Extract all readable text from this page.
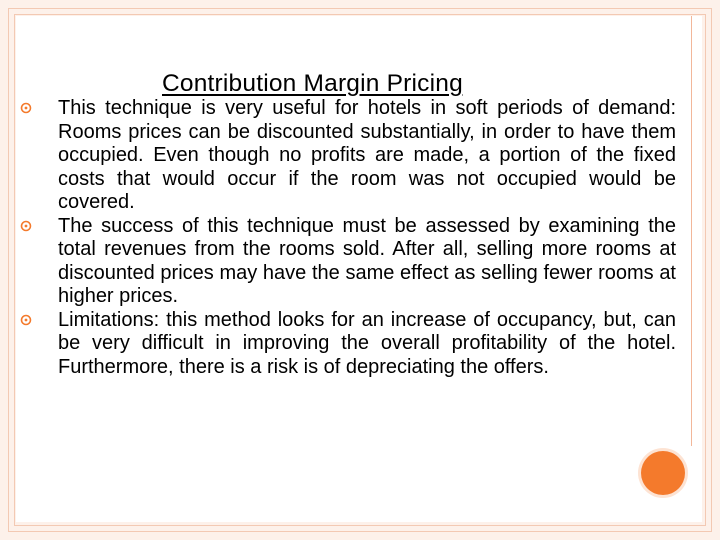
Contribution Margin Pricing
This technique is very useful for hotels in soft periods of demand: Rooms prices can be discounted substantially, in order to have them occupied. Even though no profits are made, a portion of the fixed costs that would occur if the room was not occupied would be covered.
The success of this technique must be assessed by examining the total revenues from the rooms sold. After all, selling more rooms at discounted prices may have the same effect as selling fewer rooms at higher prices.
Limitations: this method looks for an increase of occupancy, but, can be very difficult in improving the overall profitability of the hotel. Furthermore, there is a risk is of depreciating the offers.
